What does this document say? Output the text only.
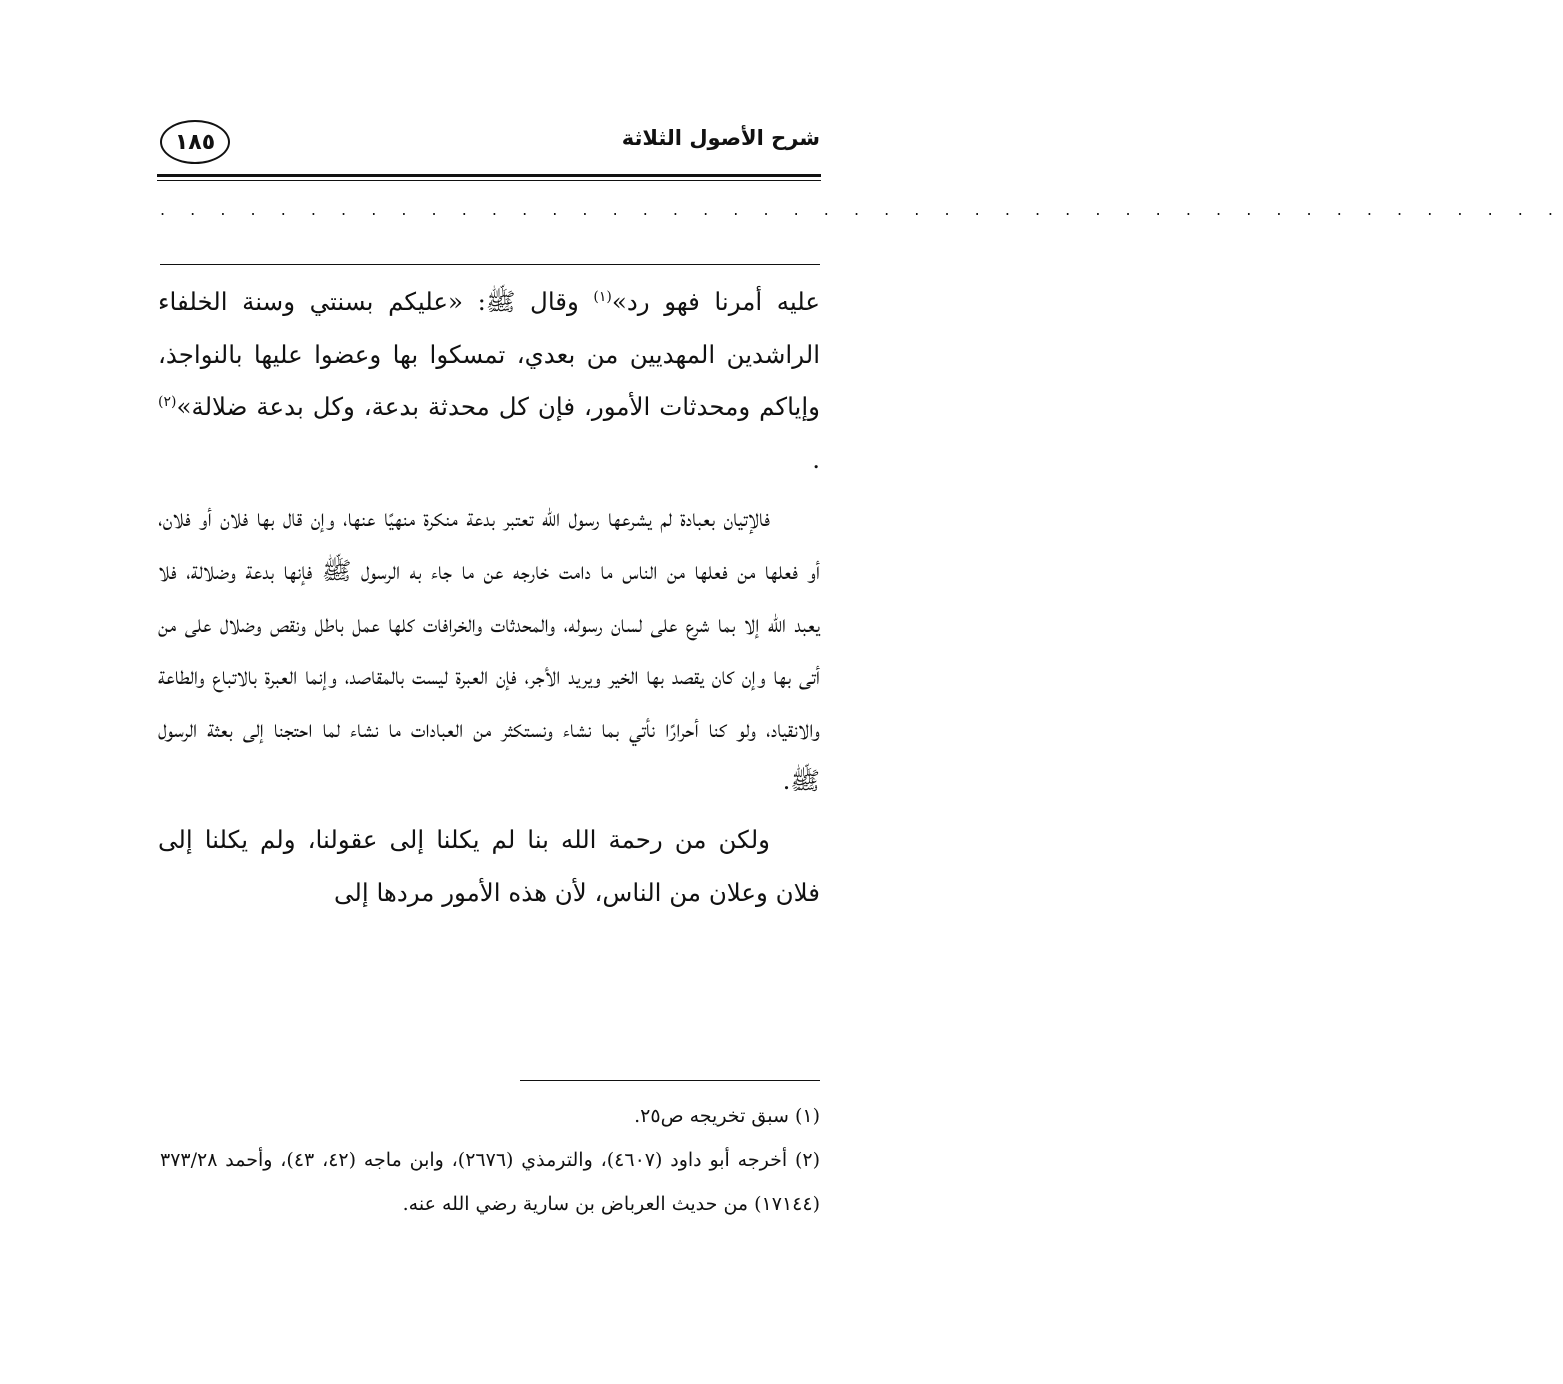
شرح الأصول الثلاثة
١٨٥
. . . . . . . . . . . . . . . . . . . . . . . . . . . . . . . . . . . . . . . . . . . . . . .

عليه أمرنا فهو رد»$^{(١)}$ وقال ﷺ: «عليكم بسنتي وسنة الخلفاء الراشدين المهديين من بعدي، تمسكوا بها وعضوا عليها بالنواجذ، وإياكم ومحدثات الأمور، فإن كل محدثة بدعة، وكل بدعة ضلالة»$^{(٢)}$ .

فالإتيان بعبادة لم يشرعها رسول الله تعتبر بدعة منكرة منهيًا عنها، وإن قال بها فلان أو فلان، أو فعلها من فعلها من الناس ما دامت خارجه عن ما جاء به الرسول ﷺ فإنها بدعة وضلالة، فلا يعبد الله إلا بما شرع على لسان رسوله، والمحدثات والخرافات كلها عمل باطل ونقص وضلال على من أتى بها وإن كان يقصد بها الخير ويريد الأجر، فإن العبرة ليست بالمقاصد، وإنما العبرة بالاتباع والطاعة والانقياد، ولو كنا أحرارًا نأتي بما نشاء ونستكثر من العبادات ما نشاء لما احتجنا إلى بعثة الرسول ﷺ.

ولكن من رحمة الله بنا لم يكلنا إلى عقولنا، ولم يكلنا إلى فلان وعلان من الناس، لأن هذه الأمور مردها إلى

(١) سبق تخريجه ص٢٥.

(٢) أخرجه أبو داود (٤٦٠٧)، والترمذي (٢٦٧٦)، وابن ماجه (٤٢، ٤٣)، وأحمد ٣٧٣/٢٨ (١٧١٤٤) من حديث العرباض بن سارية رضي الله عنه.
